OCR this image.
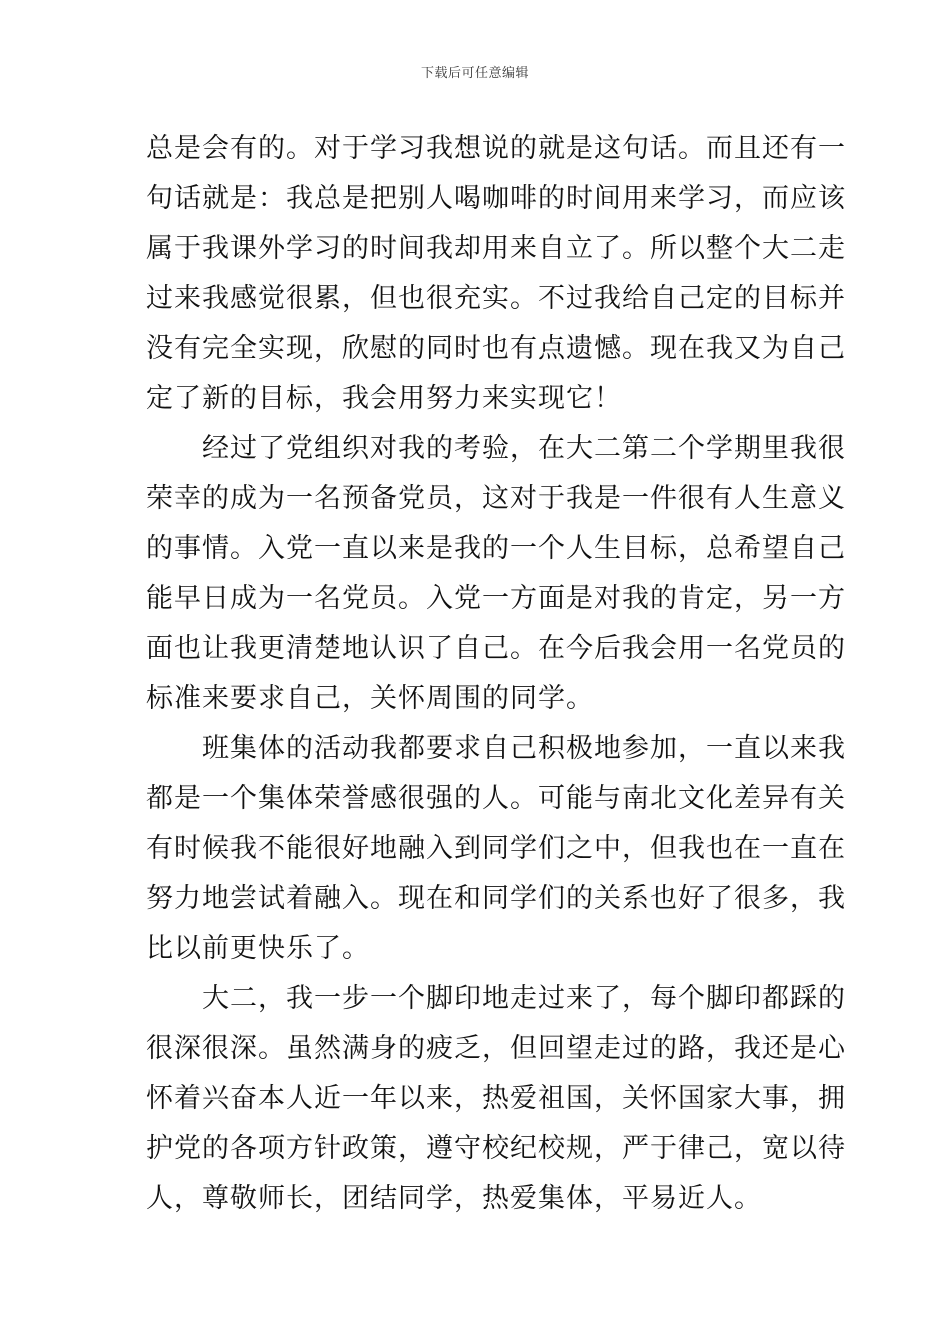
下载后可任意编辑
总是会有的。对于学习我想说的就是这句话。而且还有一
句话就是：我总是把别人喝咖啡的时间用来学习，而应该
属于我课外学习的时间我却用来自立了。所以整个大二走
过来我感觉很累，但也很充实。不过我给自己定的目标并
没有完全实现，欣慰的同时也有点遗憾。现在我又为自己
定了新的目标，我会用努力来实现它！
经过了党组织对我的考验，在大二第二个学期里我很
荣幸的成为一名预备党员，这对于我是一件很有人生意义
的事情。入党一直以来是我的一个人生目标，总希望自己
能早日成为一名党员。入党一方面是对我的肯定，另一方
面也让我更清楚地认识了自己。在今后我会用一名党员的
标准来要求自己，关怀周围的同学。
班集体的活动我都要求自己积极地参加，一直以来我
都是一个集体荣誉感很强的人。可能与南北文化差异有关
有时候我不能很好地融入到同学们之中，但我也在一直在
努力地尝试着融入。现在和同学们的关系也好了很多，我
比以前更快乐了。
大二，我一步一个脚印地走过来了，每个脚印都踩的
很深很深。虽然满身的疲乏，但回望走过的路，我还是心
怀着兴奋本人近一年以来，热爱祖国，关怀国家大事，拥
护党的各项方针政策，遵守校纪校规，严于律己，宽以待
人，尊敬师长，团结同学，热爱集体，平易近人。
